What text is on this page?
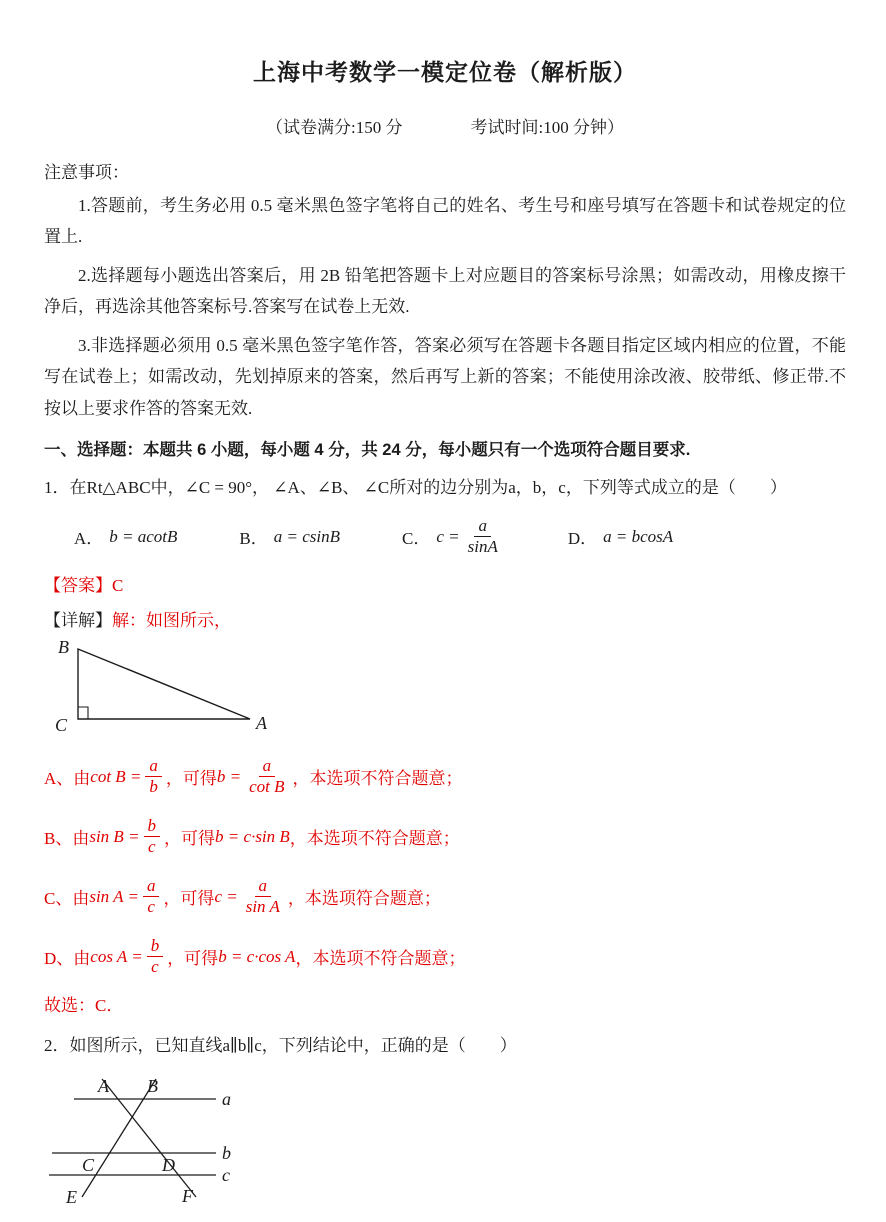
上海中考数学一模定位卷（解析版）
（试卷满分:150 分　　　　考试时间:100 分钟）
注意事项：

1.答题前，考生务必用 0.5 毫米黑色签字笔将自己的姓名、考生号和座号填写在答题卡和试卷规定的位置上.

2.选择题每小题选出答案后，用 2B 铅笔把答题卡上对应题目的答案标号涂黑；如需改动，用橡皮擦干净后，再选涂其他答案标号.答案写在试卷上无效.

3.非选择题必须用 0.5 毫米黑色签字笔作答，答案必须写在答题卡各题目指定区域内相应的位置，不能写在试卷上；如需改动，先划掉原来的答案，然后再写上新的答案；不能使用涂改液、胶带纸、修正带.不按以上要求作答的答案无效.

一、选择题：本题共 6 小题，每小题 4 分，共 24 分，每小题只有一个选项符合题目要求.
1．在Rt△ABC中，∠C = 90°， ∠A、∠B、 ∠C所对的边分别为a，b，c，下列等式成立的是（　　）
A． b = acotB	B． a = csinB	C． $c = \frac{a}{\sin A}$	D． a = bcosA
【答案】C
【详解】解：如图所示，
B
C	A
A、由 $\cot B = \frac{a}{b}$ ，可得 $b = \frac{a}{\text{cot B}}$ ，本选项不符合题意；
B、由 $\sin B = \frac{b}{c}$ ，可得 b = c·sin B ，本选项不符合题意；
C、由 $\sin A = \frac{a}{c}$ ，可得 $c = \frac{a}{\text{sin A}}$ ，本选项符合题意；
D、由 $\cos A = \frac{b}{c}$ ，可得 b = c·cos A ，本选项不符合题意；
故选：C．
2．如图所示，已知直线a∥b∥c，下列结论中，正确的是（　　）
a
b
c
A B
C	D
E	F
